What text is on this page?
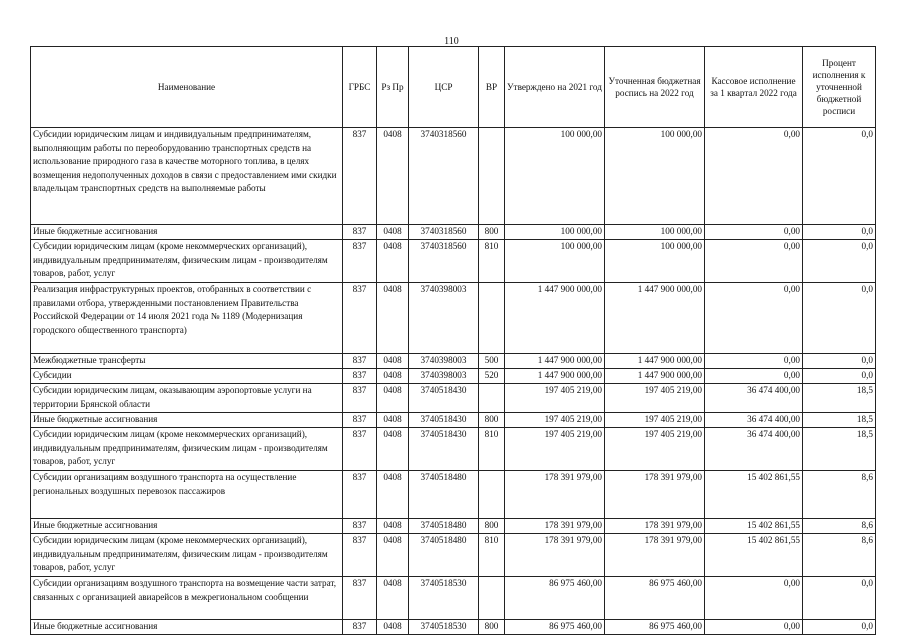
110
Наименование	ГРБС	Рз Пр	ЦСР	ВР	Утверждено на 2021 год	Уточненная бюджетная роспись на 2022 год	Кассовое исполнение за 1 квартал 2022 года	Процент исполнения к уточненной бюджетной росписи
Субсидии юридическим лицам и индивидуальным предпринимателям, выполняющим работы по переоборудованию транспортных средств на использование природного газа в качестве моторного топлива, в целях возмещения недополученных доходов в связи с предоставлением ими скидки владельцам транспортных средств на выполняемые работы	837	0408	3740318560		100 000,00	100 000,00	0,00	0,0
Иные бюджетные ассигнования	837	0408	3740318560	800	100 000,00	100 000,00	0,00	0,0
Субсидии юридическим лицам (кроме некоммерческих организаций), индивидуальным предпринимателям, физическим лицам - производителям товаров, работ, услуг	837	0408	3740318560	810	100 000,00	100 000,00	0,00	0,0
Реализация инфраструктурных проектов, отобранных в соответствии с правилами отбора, утвержденными постановлением Правительства Российской Федерации от 14 июля 2021 года № 1189 (Модернизация городского общественного транспорта)	837	0408	3740398003		1 447 900 000,00	1 447 900 000,00	0,00	0,0
Межбюджетные трансферты	837	0408	3740398003	500	1 447 900 000,00	1 447 900 000,00	0,00	0,0
Субсидии	837	0408	3740398003	520	1 447 900 000,00	1 447 900 000,00	0,00	0,0
Субсидии юридическим лицам, оказывающим аэропортовые услуги на территории Брянской области	837	0408	3740518430		197 405 219,00	197 405 219,00	36 474 400,00	18,5
Иные бюджетные ассигнования	837	0408	3740518430	800	197 405 219,00	197 405 219,00	36 474 400,00	18,5
Субсидии юридическим лицам (кроме некоммерческих организаций), индивидуальным предпринимателям, физическим лицам - производителям товаров, работ, услуг	837	0408	3740518430	810	197 405 219,00	197 405 219,00	36 474 400,00	18,5
Субсидии организациям воздушного транспорта на осуществление региональных воздушных перевозок пассажиров	837	0408	3740518480		178 391 979,00	178 391 979,00	15 402 861,55	8,6
Иные бюджетные ассигнования	837	0408	3740518480	800	178 391 979,00	178 391 979,00	15 402 861,55	8,6
Субсидии юридическим лицам (кроме некоммерческих организаций), индивидуальным предпринимателям, физическим лицам - производителям товаров, работ, услуг	837	0408	3740518480	810	178 391 979,00	178 391 979,00	15 402 861,55	8,6
Субсидии организациям воздушного транспорта на возмещение части затрат, связанных с организацией авиарейсов в межрегиональном сообщении	837	0408	3740518530		86 975 460,00	86 975 460,00	0,00	0,0
Иные бюджетные ассигнования	837	0408	3740518530	800	86 975 460,00	86 975 460,00	0,00	0,0
